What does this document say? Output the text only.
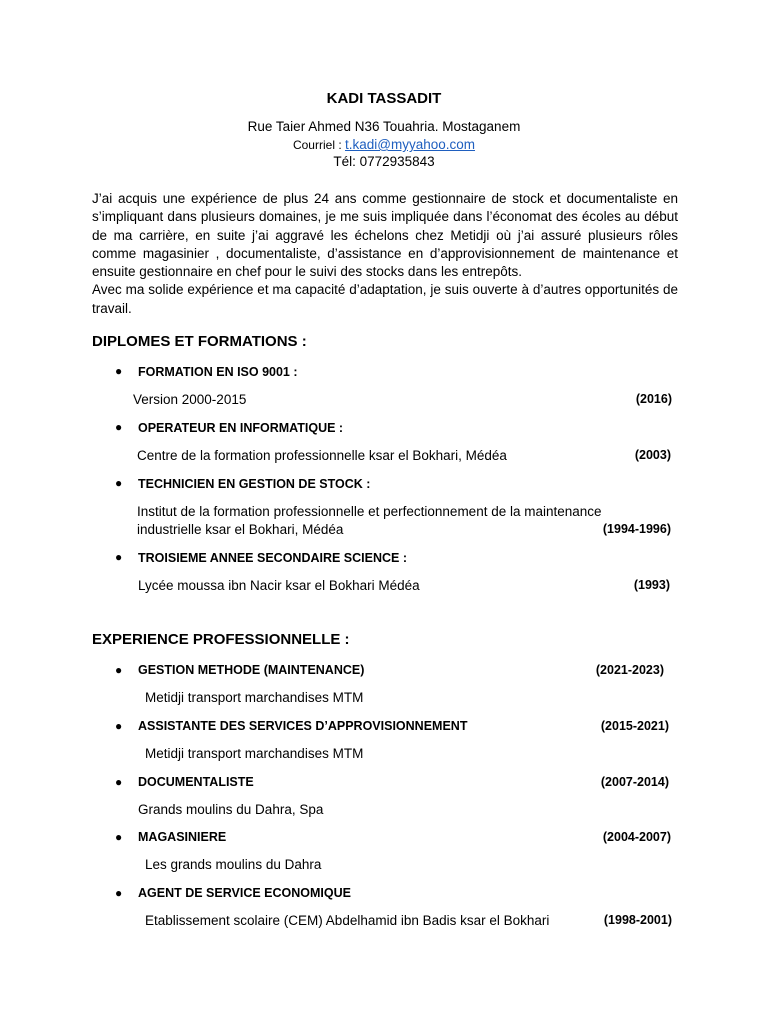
KADI TASSADIT
Rue Taier Ahmed N36 Touahria. Mostaganem
Courriel : t.kadi@myyahoo.com
Tél: 0772935843

J’ai acquis une expérience de plus 24 ans comme gestionnaire de stock et documentaliste en s’impliquant dans plusieurs domaines, je me suis impliquée dans l’économat des écoles au début de ma carrière, en suite j’ai aggravé les échelons chez Metidji où j’ai assuré plusieurs rôles comme magasinier , documentaliste, d’assistance en d’approvisionnement de maintenance et ensuite gestionnaire en chef pour le suivi des stocks dans les entrepôts.

Avec ma solide expérience et ma capacité d’adaptation, je suis ouverte à d’autres opportunités de travail.

DIPLOMES ET FORMATIONS :
● FORMATION EN ISO 9001 :
Version 2000-2015	(2016)
● OPERATEUR EN INFORMATIQUE :
Centre de la formation professionnelle ksar el Bokhari, Médéa	(2003)
● TECHNICIEN EN GESTION DE STOCK :
Institut de la formation professionnelle et perfectionnement de la maintenance
industrielle ksar el Bokhari, Médéa	(1994-1996)
● TROISIEME ANNEE SECONDAIRE SCIENCE :
Lycée moussa ibn Nacir ksar el Bokhari Médéa	(1993)
EXPERIENCE PROFESSIONNELLE :
● GESTION METHODE (MAINTENANCE)	(2021-2023)
Metidji transport marchandises MTM
● ASSISTANTE DES SERVICES D’APPROVISIONNEMENT	(2015-2021)
Metidji transport marchandises MTM
● DOCUMENTALISTE	(2007-2014)
Grands moulins du Dahra, Spa
● MAGASINIERE	(2004-2007)
Les grands moulins du Dahra
● AGENT DE SERVICE ECONOMIQUE
Etablissement scolaire (CEM) Abdelhamid ibn Badis ksar el Bokhari	(1998-2001)
